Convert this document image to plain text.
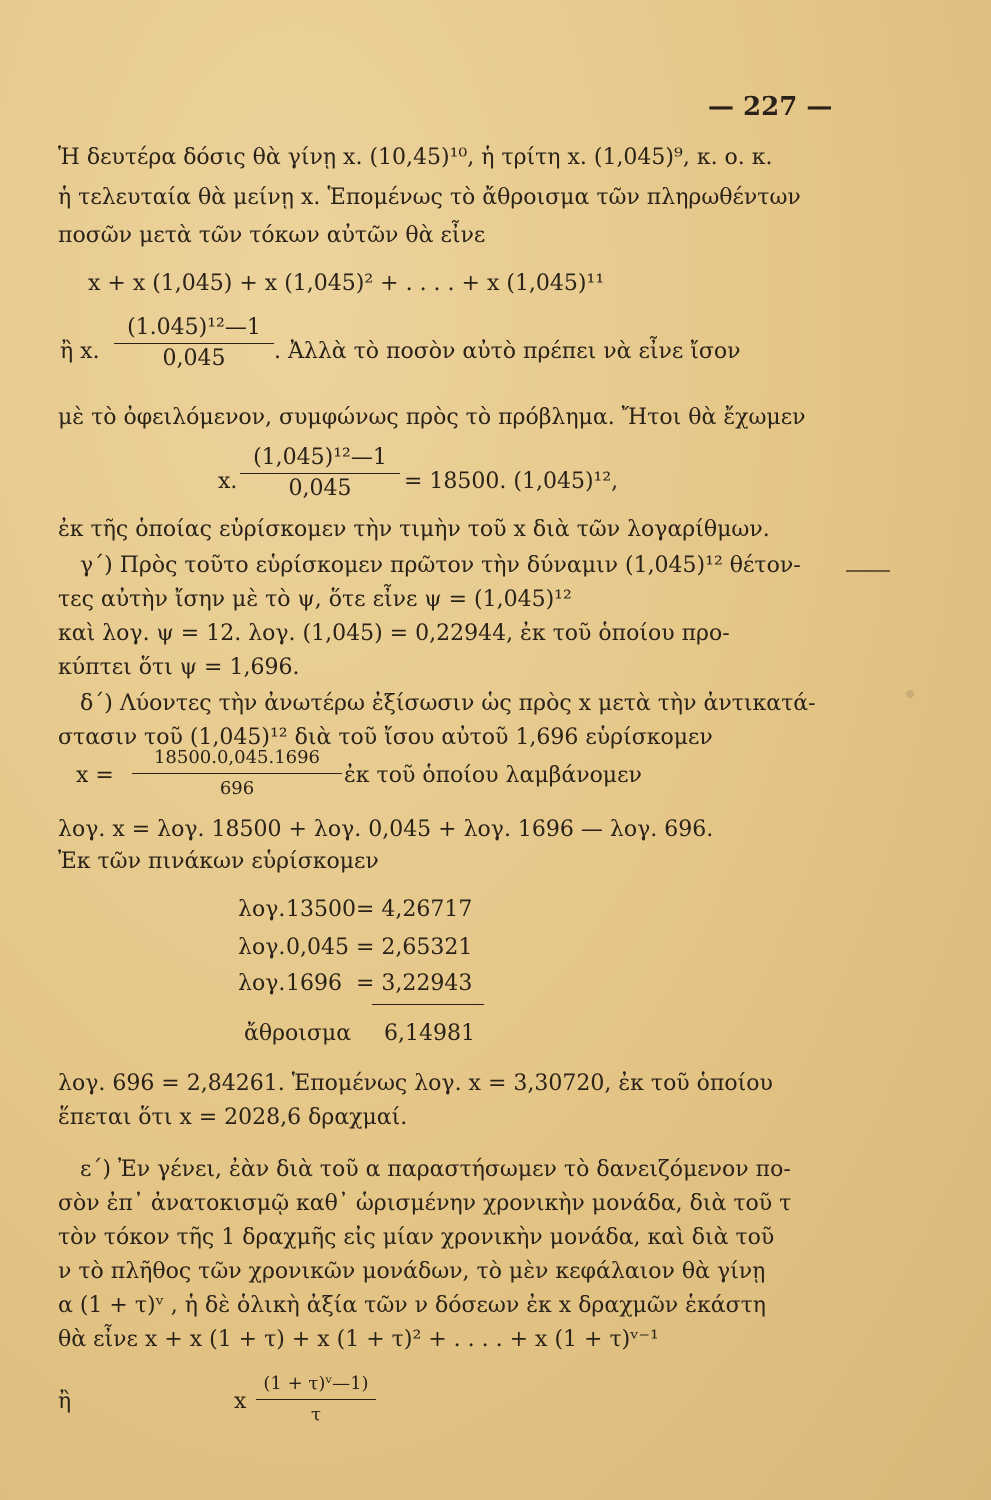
— 227 —
Ἡ δευτέρα δόσις θὰ γίνῃ x. (10,45)¹⁰, ἡ τρίτη x. (1,045)⁹, κ. ο. κ.
ἡ τελευταία θὰ μείνῃ x. Ἑπομένως τὸ ἄθροισμα τῶν πληρωθέντων
ποσῶν μετὰ τῶν τόκων αὐτῶν θὰ εἶνε
x + x (1,045) + x (1,045)² + . . . . + x (1,045)¹¹
ἢ x. $\frac{\text{(1.045)¹²—1}}{0,045}$ . Ἀλλὰ τὸ ποσὸν αὐτὸ πρέπει νὰ εἶνε ἴσον
μὲ τὸ ὀφειλόμενον, συμφώνως πρὸς τὸ πρόβλημα. Ἤτοι θὰ ἔχωμεν
x. $\frac{\text{(1,045)¹²—1}}{0,045} = 18500$. (1,045)¹²,
ἐκ τῆς ὁποίας εὑρίσκομεν τὴν τιμὴν τοῦ x διὰ τῶν λογαρίθμων.
γ΄) Πρὸς τοῦτο εὑρίσκομεν πρῶτον τὴν δύναμιν (1,045)¹² θέτον-
τες αὐτὴν ἴσην μὲ τὸ ψ, ὅτε εἶνε ψ = (1,045)¹²
καὶ λογ. ψ = 12. λογ. (1,045) = 0,22944, ἐκ τοῦ ὁποίου προ-
κύπτει ὅτι ψ = 1,696.
δ΄) Λύοντες τὴν ἀνωτέρω ἐξίσωσιν ὡς πρὸς x μετὰ τὴν ἀντικατά-
στασιν τοῦ (1,045)¹² διὰ τοῦ ἴσου αὐτοῦ 1,696 εὑρίσκομεν
$x = \frac{18500.0,045.1696}{696}$ ἐκ τοῦ ὁποίου λαμβάνομεν
λογ. x = λογ. 18500 + λογ. 0,045 + λογ. 1696 — λογ. 696.
Ἐκ τῶν πινάκων εὑρίσκομεν
λογ. 13500 = 4,26717
λογ. 0,045 = 2,65321
λογ. 1696 = 3,22943
ἄθροισμα 6,14981
λογ. 696 = 2,84261. Ἑπομένως λογ. x = 3,30720, ἐκ τοῦ ὁποίου
ἕπεται ὅτι x = 2028,6 δραχμαί.
ε΄) Ἐν γένει, ἐὰν διὰ τοῦ α παραστήσωμεν τὸ δανειζόμενον πο-
σὸν ἐπ᾽ ἀνατοκισμῷ καθ᾽ ὡρισμένην χρονικὴν μονάδα, διὰ τοῦ τ
τὸν τόκον τῆς 1 δραχμῆς εἰς μίαν χρονικὴν μονάδα, καὶ διὰ τοῦ
ν τὸ πλῆθος τῶν χρονικῶν μονάδων, τὸ μὲν κεφάλαιον θὰ γίνῃ
α (1 + τ)ᵛ , ἡ δὲ ὁλικὴ ἀξία τῶν ν δόσεων ἐκ x δραχμῶν ἑκάστη
θὰ εἶνε x + x (1 + τ) + x (1 + τ)² + . . . . + x (1 + τ)ᵛ⁻¹
ἢ	x $\frac{\text{(1 + τ)ᵛ—1)}}{\tau}$
